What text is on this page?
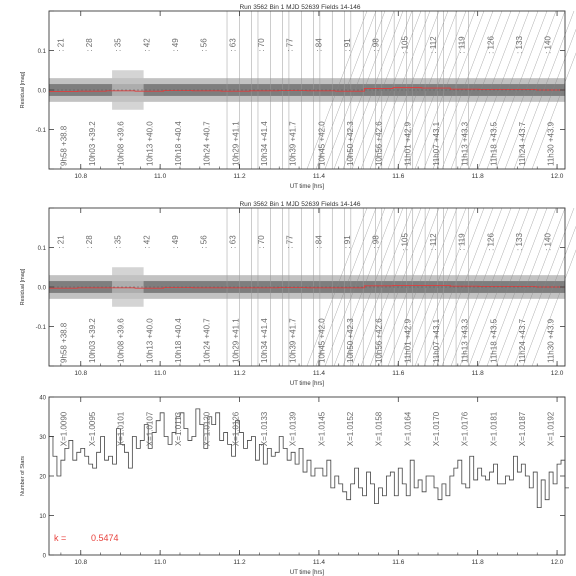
Run 3562 Bin 1 MJD 52639 Fields 14-146
Run 3562 Bin 1 MJD 52639 Fields 14-146
: 21 : 28 : 35 : 42 : 49 : 56 : 63 : 70 : 77 : 84 : 91 : 98 : 105 : 112 : 119 : 126 : 133 : 140
9h58 +38.8 10h03 +39.2 10h08 +39.6 10h13 +40.0 10h18 +40.4 10h24 +40.7 10h29 +41.1 10h34 +41.4 10h39 +41.7 10h45 +42.0 10h50 +42.3 10h56 +42.6 11h01 +42.9 11h07 +43.1 11h13 +43.3 11h18 +43.5 11h24 +43.7 11h30 +43.9
10.8	11.0	11.2	11.4	11.6	11.8	12.0
-0.1
0.0
0.1
UT time [hrs]
Residual [mag]
: 21 : 28 : 35 : 42 : 49 : 56 : 63 : 70 : 77 : 84 : 91 : 98 : 105 : 112 : 119 : 126 : 133 : 140
9h58 +38.8 10h03 +39.2 10h08 +39.6 10h13 +40.0 10h18 +40.4 10h24 +40.7 10h29 +41.1 10h34 +41.4 10h39 +41.7 10h45 +42.0 10h50 +42.3 10h56 +42.6 11h01 +42.9 11h07 +43.1 11h13 +43.3 11h18 +43.5 11h24 +43.7 11h30 +43.9
10.8	11.0	11.2	11.4	11.6	11.8	12.0
-0.1
0.0
0.1
UT time [hrs]
Residual [mag]
X=1.0090 X=1.0095 X=1.0101 X=1.0107 X=1.0113 X=1.0120 X=1.0126 X=1.0133 X=1.0139 X=1.0145 X=1.0152 X=1.0158 X=1.0164 X=1.0170 X=1.0176 X=1.0181 X=1.0187 X=1.0192
k =	0.5474
10.8	11.0	11.2	11.4	11.6	11.8	12.0
0
10
20
30
40
UT time [hrs]
Number of Stars
